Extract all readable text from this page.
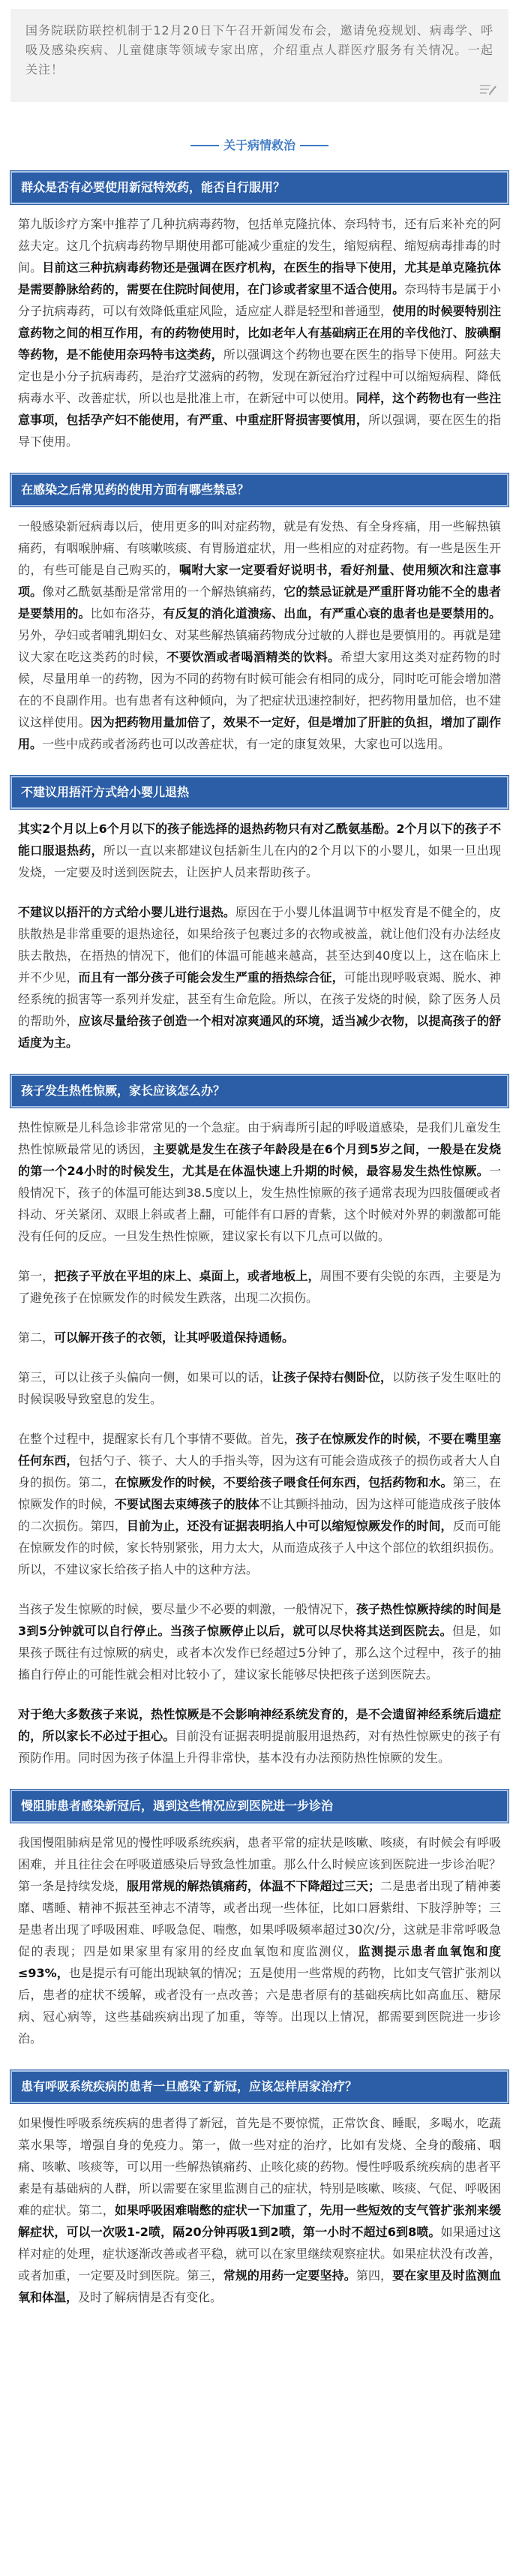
国务院联防联控机制于12月20日下午召开新闻发布会，邀请免疫规划、病毒学、呼吸及感染疾病、儿童健康等领域专家出席，介绍重点人群医疗服务有关情况。一起关注！
关于病情救治
群众是否有必要使用新冠特效药，能否自行服用？

第九版诊疗方案中推荐了几种抗病毒药物，包括单克隆抗体、奈玛特韦，还有后来补充的阿兹夫定。这几个抗病毒药物早期使用都可能减少重症的发生，缩短病程、缩短病毒排毒的时间。目前这三种抗病毒药物还是强调在医疗机构，在医生的指导下使用，尤其是单克隆抗体是需要静脉给药的，需要在住院时间使用，在门诊或者家里不适合使用。奈玛特韦是属于小分子抗病毒药，可以有效降低重症风险，适应症人群是轻型和普通型，使用的时候要特别注意药物之间的相互作用，有的药物使用时，比如老年人有基础病正在用的辛伐他汀、胺碘酮等药物，是不能使用奈玛特韦这类药，所以强调这个药物也要在医生的指导下使用。阿兹夫定也是小分子抗病毒药，是治疗艾滋病的药物，发现在新冠治疗过程中可以缩短病程、降低病毒水平、改善症状，所以也是批准上市，在新冠中可以使用。同样，这个药物也有一些注意事项，包括孕产妇不能使用，有严重、中重症肝肾损害要慎用，所以强调，要在医生的指导下使用。

在感染之后常见药的使用方面有哪些禁忌？

一般感染新冠病毒以后，使用更多的叫对症药物，就是有发热、有全身疼痛，用一些解热镇痛药，有咽喉肿痛、有咳嗽咳痰、有胃肠道症状，用一些相应的对症药物。有一些是医生开的，有些可能是自己购买的，嘱咐大家一定要看好说明书，看好剂量、使用频次和注意事项。像对乙酰氨基酚是常常用的一个解热镇痛药，它的禁忌证就是严重肝肾功能不全的患者是要禁用的。比如布洛芬，有反复的消化道溃疡、出血，有严重心衰的患者也是要禁用的。另外，孕妇或者哺乳期妇女、对某些解热镇痛药物成分过敏的人群也是要慎用的。再就是建议大家在吃这类药的时候，不要饮酒或者喝酒精类的饮料。希望大家用这类对症药物的时候，尽量用单一的药物，因为不同的药物有时候可能会有相同的成分，同时吃可能会增加潜在的不良副作用。也有患者有这种倾向，为了把症状迅速控制好，把药物用量加倍，也不建议这样使用。因为把药物用量加倍了，效果不一定好，但是增加了肝脏的负担，增加了副作用。一些中成药或者汤药也可以改善症状，有一定的康复效果，大家也可以选用。

不建议用捂汗方式给小婴儿退热

其实2个月以上6个月以下的孩子能选择的退热药物只有对乙酰氨基酚。2个月以下的孩子不能口服退热药，所以一直以来都建议包括新生儿在内的2个月以下的小婴儿，如果一旦出现发烧，一定要及时送到医院去，让医护人员来帮助孩子。

不建议以捂汗的方式给小婴儿进行退热。原因在于小婴儿体温调节中枢发育是不健全的，皮肤散热是非常重要的退热途径，如果给孩子包裹过多的衣物或被盖，就让他们没有办法经皮肤去散热，在捂热的情况下，他们的体温可能越来越高，甚至达到40度以上，这在临床上并不少见，而且有一部分孩子可能会发生严重的捂热综合征，可能出现呼吸衰竭、脱水、神经系统的损害等一系列并发症，甚至有生命危险。所以，在孩子发烧的时候，除了医务人员的帮助外，应该尽量给孩子创造一个相对凉爽通风的环境，适当减少衣物，以提高孩子的舒适度为主。

孩子发生热性惊厥，家长应该怎么办？

热性惊厥是儿科急诊非常常见的一个急症。由于病毒所引起的呼吸道感染，是我们儿童发生热性惊厥最常见的诱因，主要就是发生在孩子年龄段是在6个月到5岁之间，一般是在发烧的第一个24小时的时候发生，尤其是在体温快速上升期的时候，最容易发生热性惊厥。一般情况下，孩子的体温可能达到38.5度以上，发生热性惊厥的孩子通常表现为四肢僵硬或者抖动、牙关紧闭、双眼上斜或者上翻，可能伴有口唇的青紫，这个时候对外界的刺激都可能没有任何的反应。一旦发生热性惊厥，建议家长有以下几点可以做的。

第一，把孩子平放在平坦的床上、桌面上，或者地板上，周围不要有尖锐的东西，主要是为了避免孩子在惊厥发作的时候发生跌落，出现二次损伤。

第二，可以解开孩子的衣领，让其呼吸道保持通畅。

第三，可以让孩子头偏向一侧，如果可以的话，让孩子保持右侧卧位，以防孩子发生呕吐的时候误吸导致窒息的发生。

在整个过程中，提醒家长有几个事情不要做。首先，孩子在惊厥发作的时候，不要在嘴里塞任何东西，包括勺子、筷子、大人的手指头等，因为这有可能会造成孩子的损伤或者大人自身的损伤。第二，在惊厥发作的时候，不要给孩子喂食任何东西，包括药物和水。第三，在惊厥发作的时候，不要试图去束缚孩子的肢体不让其颤抖抽动，因为这样可能造成孩子肢体的二次损伤。第四，目前为止，还没有证据表明掐人中可以缩短惊厥发作的时间，反而可能在惊厥发作的时候，家长特别紧张，用力太大，从而造成孩子人中这个部位的软组织损伤。所以，不建议家长给孩子掐人中的这种方法。

当孩子发生惊厥的时候，要尽量少不必要的刺激，一般情况下，孩子热性惊厥持续的时间是3到5分钟就可以自行停止。当孩子惊厥停止以后，就可以尽快将其送到医院去。但是，如果孩子既往有过惊厥的病史，或者本次发作已经超过5分钟了，那么这个过程中，孩子的抽搐自行停止的可能性就会相对比较小了，建议家长能够尽快把孩子送到医院去。

对于绝大多数孩子来说，热性惊厥是不会影响神经系统发育的，是不会遗留神经系统后遗症的，所以家长不必过于担心。目前没有证据表明提前服用退热药，对有热性惊厥史的孩子有预防作用。同时因为孩子体温上升得非常快，基本没有办法预防热性惊厥的发生。

慢阻肺患者感染新冠后，遇到这些情况应到医院进一步诊治

我国慢阻肺病是常见的慢性呼吸系统疾病，患者平常的症状是咳嗽、咳痰，有时候会有呼吸困难，并且往往会在呼吸道感染后导致急性加重。那么什么时候应该到医院进一步诊治呢？第一条是持续发烧，服用常规的解热镇痛药，体温不下降超过三天；二是患者出现了精神萎靡、嗜睡、精神不振甚至神志不清等，或者出现一些体征，比如口唇紫绀、下肢浮肿等；三是患者出现了呼吸困难、呼吸急促、喘憋，如果呼吸频率超过30次/分，这就是非常呼吸急促的表现；四是如果家里有家用的经皮血氧饱和度监测仪，监测提示患者血氧饱和度≤93%，也是提示有可能出现缺氧的情况；五是使用一些常规的药物，比如支气管扩张剂以后，患者的症状不缓解，或者没有一点改善；六是患者原有的基础疾病比如高血压、糖尿病、冠心病等，这些基础疾病出现了加重，等等。出现以上情况，都需要到医院进一步诊治。

患有呼吸系统疾病的患者一旦感染了新冠，应该怎样居家治疗？

如果慢性呼吸系统疾病的患者得了新冠，首先是不要惊慌，正常饮食、睡眠，多喝水，吃蔬菜水果等，增强自身的免疫力。第一，做一些对症的治疗，比如有发烧、全身的酸痛、咽痛、咳嗽、咳痰等，可以用一些解热镇痛药、止咳化痰的药物。慢性呼吸系统疾病的患者平素是有基础病的人群，所以需要在家里监测自己的症状，特别是咳嗽、咳痰、气促、呼吸困难的症状。第二，如果呼吸困难喘憋的症状一下加重了，先用一些短效的支气管扩张剂来缓解症状，可以一次吸1-2喷，隔20分钟再吸1到2喷，第一小时不超过6到8喷。如果通过这样对症的处理，症状逐渐改善或者平稳，就可以在家里继续观察症状。如果症状没有改善，或者加重，一定要及时到医院。第三，常规的用药一定要坚持。第四，要在家里及时监测血氧和体温，及时了解病情是否有变化。
